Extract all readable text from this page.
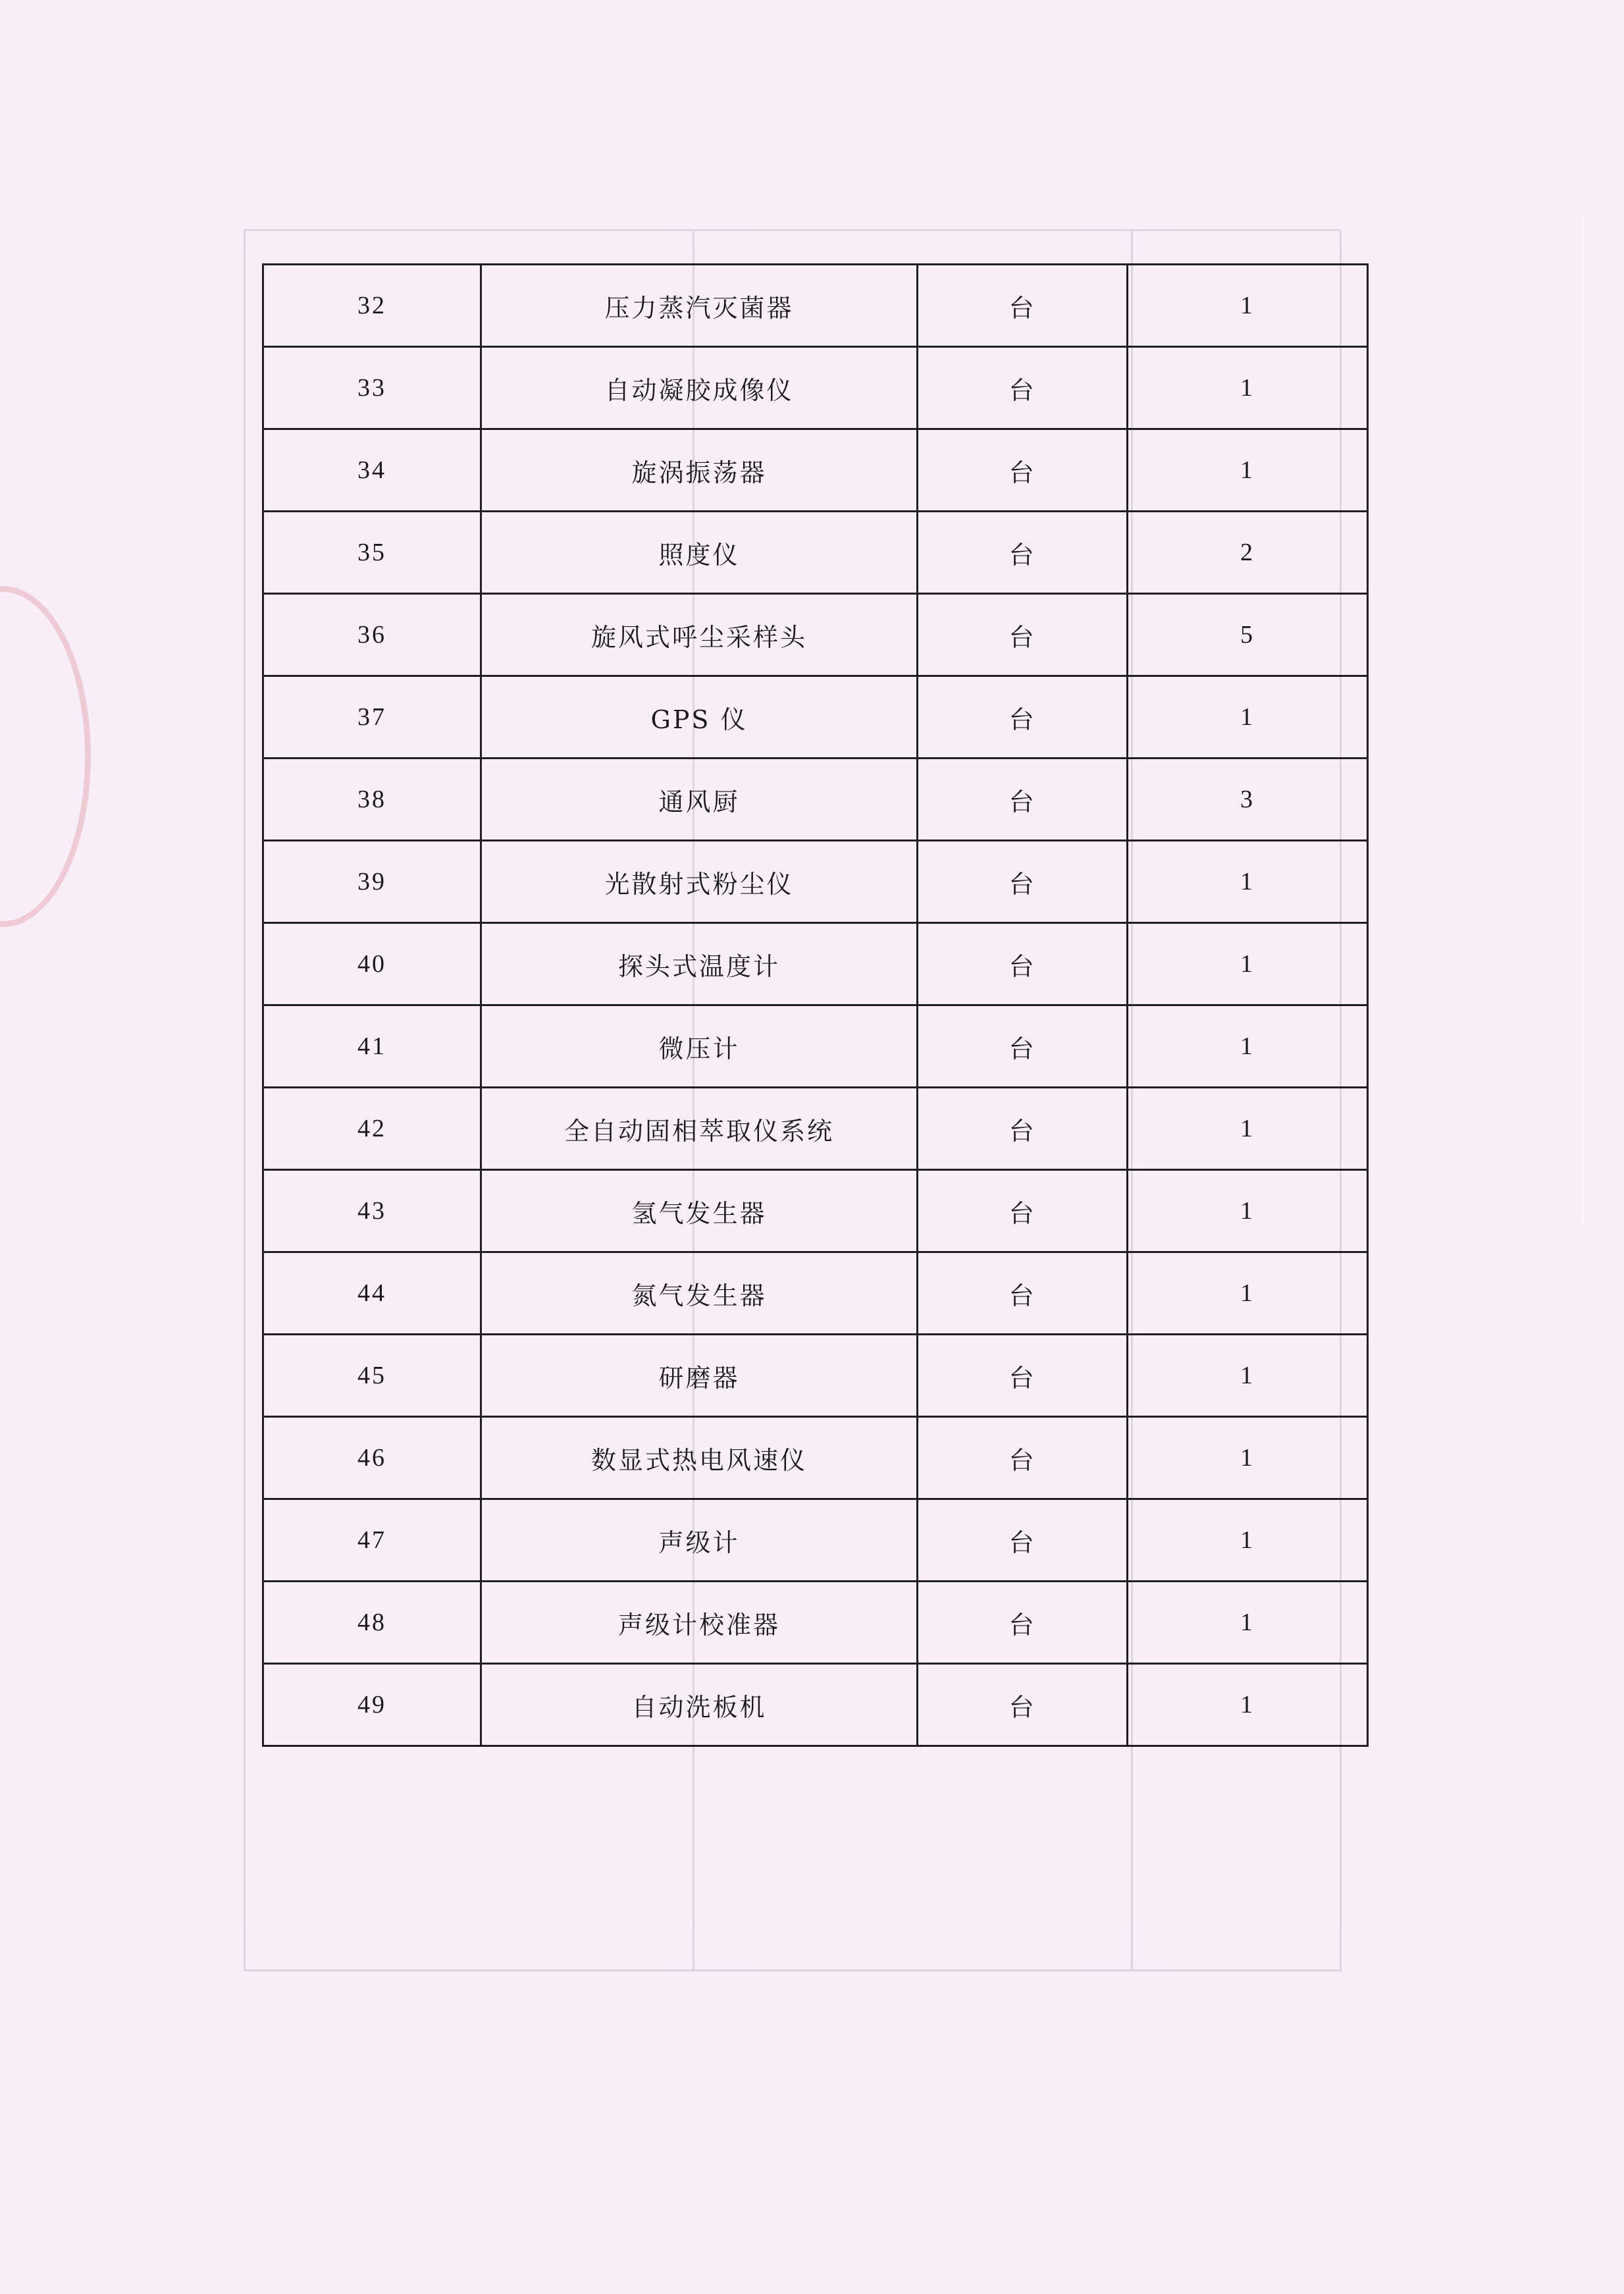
32	压力蒸汽灭菌器	台	1
33	自动凝胶成像仪	台	1
34	旋涡振荡器	台	1
35	照度仪	台	2
36	旋风式呼尘采样头	台	5
37	GPS 仪	台	1
38	通风厨	台	3
39	光散射式粉尘仪	台	1
40	探头式温度计	台	1
41	微压计	台	1
42	全自动固相萃取仪系统	台	1
43	氢气发生器	台	1
44	氮气发生器	台	1
45	研磨器	台	1
46	数显式热电风速仪	台	1
47	声级计	台	1
48	声级计校准器	台	1
49	自动洗板机	台	1
